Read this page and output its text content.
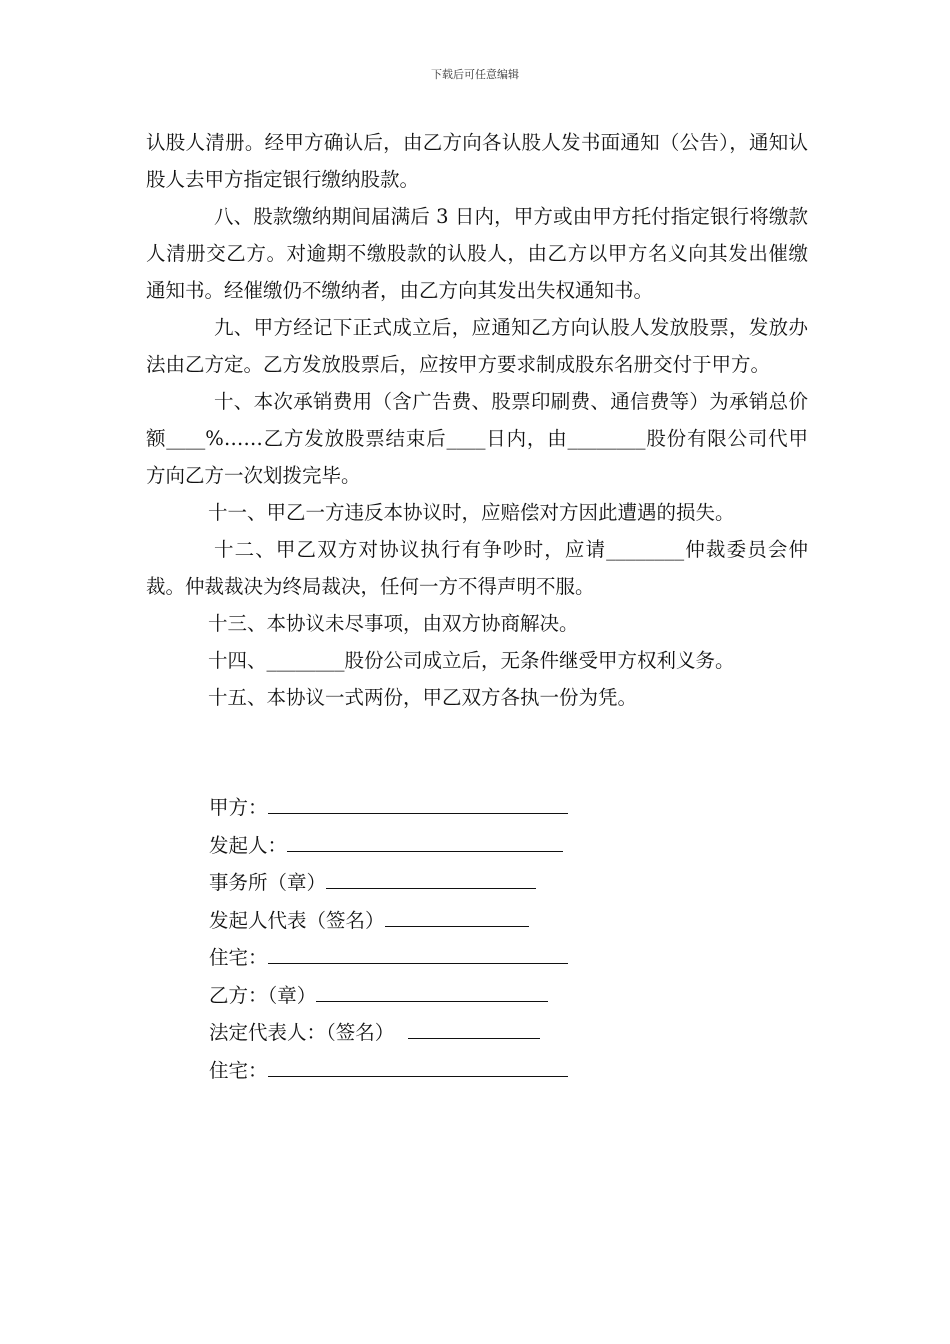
下载后可任意编辑

认股人清册。经甲方确认后，由乙方向各认股人发书面通知（公告），通知认股人去甲方指定银行缴纳股款。

八、股款缴纳期间届满后 3 日内，甲方或由甲方托付指定银行将缴款人清册交乙方。对逾期不缴股款的认股人，由乙方以甲方名义向其发出催缴通知书。经催缴仍不缴纳者，由乙方向其发出失权通知书。

九、甲方经记下正式成立后，应通知乙方向认股人发放股票，发放办法由乙方定。乙方发放股票后，应按甲方要求制成股东名册交付于甲方。

十、本次承销费用（含广告费、股票印刷费、通信费等）为承销总价额____%……乙方发放股票结束后____日内，由________股份有限公司代甲方向乙方一次划拨完毕。

十一、甲乙一方违反本协议时，应赔偿对方因此遭遇的损失。

十二、甲乙双方对协议执行有争吵时，应请________仲裁委员会仲裁。仲裁裁决为终局裁决，任何一方不得声明不服。

十三、本协议未尽事项，由双方协商解决。

十四、________股份公司成立后，无条件继受甲方权利义务。

十五、本协议一式两份，甲乙双方各执一份为凭。

甲方：
发起人：
事务所（章）
发起人代表（签名）
住宅：
乙方：（章）
法定代表人：（签名）
住宅：
